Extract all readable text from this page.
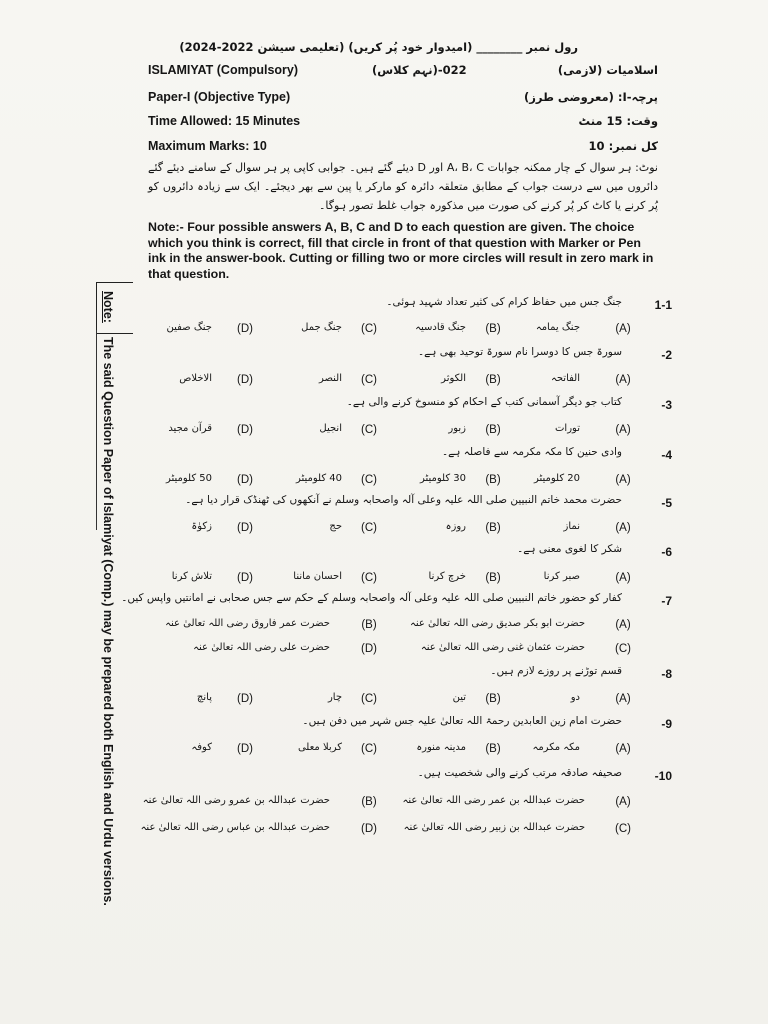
رول نمبر ________ (امیدوار خود پُر کریں) (تعلیمی سیشن 2022-2024)
ISLAMIYAT (Compulsory)	022-(نہم کلاس)	اسلامیات (لازمی)
Paper-I (Objective Type)	پرچہ-I: (معروضی طرز)
Time Allowed: 15 Minutes	وقت: 15 منٹ
Maximum Marks: 10	کل نمبر: 10
نوٹ: ہر سوال کے چار ممکنہ جوابات A، B، C اور D دیئے گئے ہیں۔ جوابی کاپی پر ہر سوال کے سامنے دیئے گئے دائروں میں سے درست جواب کے مطابق متعلقہ دائرہ کو مارکر یا پین سے بھر دیجئے۔ ایک سے زیادہ دائروں کو پُر کرنے یا کاٹ کر پُر کرنے کی صورت میں مذکورہ جواب غلط تصور ہوگا۔
Note:- Four possible answers A, B, C and D to each question are given. The choice which you think is correct, fill that circle in front of that question with Marker or Pen ink in the answer-book. Cutting or filling two or more circles will result in zero mark in that question.
Note:The said Question Paper of Islamiyat (Comp.) may be prepared both English and Urdu versions.
1-1
جنگ جس میں حفاظ کرام کی کثیر تعداد شہید ہوئی۔
(A)
جنگ یمامہ
(B)
جنگ قادسیہ
(C)
جنگ جمل
(D)
جنگ صفین
-2
سورۃ جس کا دوسرا نام سورۃ توحید بھی ہے۔
(A)
الفاتحہ
(B)
الکوثر
(C)
النصر
(D)
الاخلاص
-3
کتاب جو دیگر آسمانی کتب کے احکام کو منسوخ کرنے والی ہے۔
(A)
تورات
(B)
زبور
(C)
انجیل
(D)
قرآن مجید
-4
وادی حنین کا مکہ مکرمہ سے فاصلہ ہے۔
(A)
20 کلومیٹر
(B)
30 کلومیٹر
(C)
40 کلومیٹر
(D)
50 کلومیٹر
-5
حضرت محمد خاتم النبیین صلی اللہ علیہ وعلی آلہ واصحابہ وسلم نے آنکھوں کی ٹھنڈک قرار دیا ہے۔
(A)
نماز
(B)
روزہ
(C)
حج
(D)
زکوٰۃ
-6
شکر کا لغوی معنی ہے۔
(A)
صبر کرنا
(B)
خرچ کرنا
(C)
احسان ماننا
(D)
تلاش کرنا
-7
کفار کو حضور خاتم النبیین صلی اللہ علیہ وعلی آلہ واصحابہ وسلم کے حکم سے جس صحابی نے امانتیں واپس کیں۔
(A)
حضرت ابو بکر صدیق رضی اللہ تعالیٰ عنہ
(B)
حضرت عمر فاروق رضی اللہ تعالیٰ عنہ
(C)
حضرت عثمان غنی رضی اللہ تعالیٰ عنہ
(D)
حضرت علی رضی اللہ تعالیٰ عنہ
-8
قسم توڑنے پر روزے لازم ہیں۔
(A)
دو
(B)
تین
(C)
چار
(D)
پانچ
-9
حضرت امام زین العابدین رحمۃ اللہ تعالیٰ علیہ جس شہر میں دفن ہیں۔
(A)
مکہ مکرمہ
(B)
مدینہ منورہ
(C)
کربلا معلی
(D)
کوفہ
-10
صحیفہ صادقہ مرتب کرنے والی شخصیت ہیں۔
(A)
حضرت عبداللہ بن عمر رضی اللہ تعالیٰ عنہ
(B)
حضرت عبداللہ بن عمرو رضی اللہ تعالیٰ عنہ
(C)
حضرت عبداللہ بن زبیر رضی اللہ تعالیٰ عنہ
(D)
حضرت عبداللہ بن عباس رضی اللہ تعالیٰ عنہ
